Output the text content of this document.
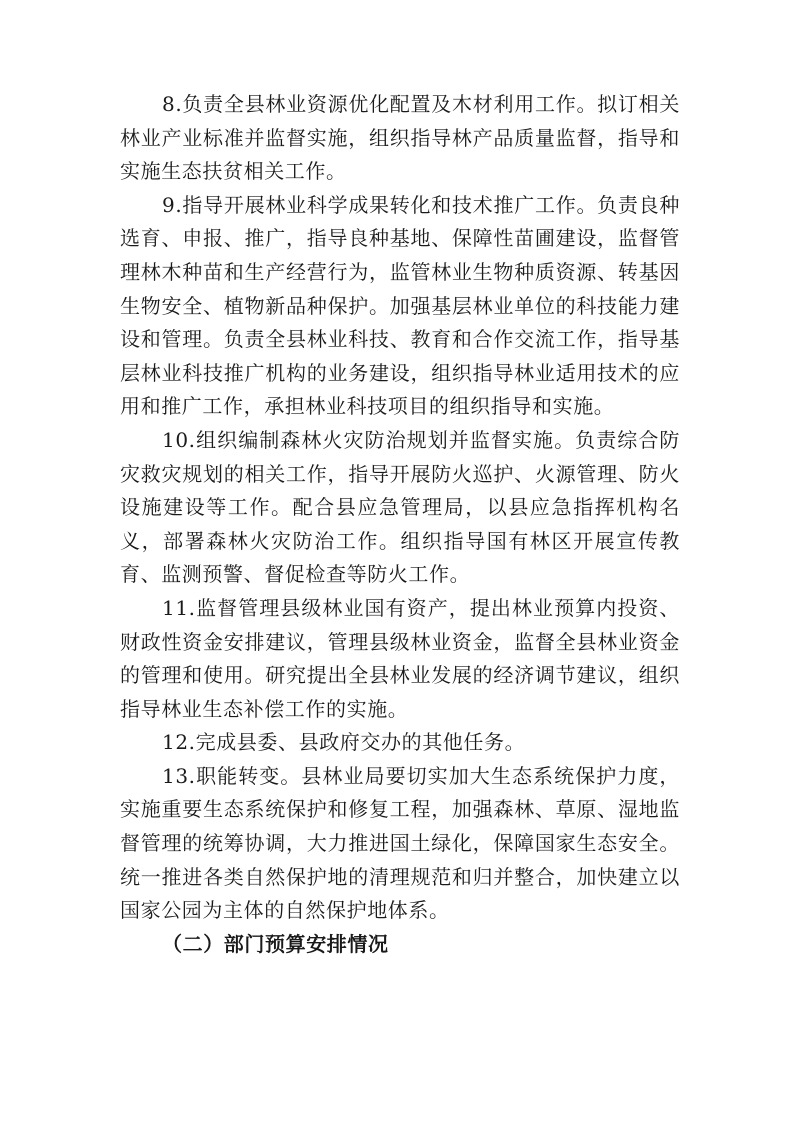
8.负责全县林业资源优化配置及木材利用工作。拟订相关林业产业标准并监督实施，组织指导林产品质量监督，指导和实施生态扶贫相关工作。

9.指导开展林业科学成果转化和技术推广工作。负责良种选育、申报、推广，指导良种基地、保障性苗圃建设，监督管理林木种苗和生产经营行为，监管林业生物种质资源、转基因生物安全、植物新品种保护。加强基层林业单位的科技能力建设和管理。负责全县林业科技、教育和合作交流工作，指导基层林业科技推广机构的业务建设，组织指导林业适用技术的应用和推广工作，承担林业科技项目的组织指导和实施。

10.组织编制森林火灾防治规划并监督实施。负责综合防灾救灾规划的相关工作，指导开展防火巡护、火源管理、防火设施建设等工作。配合县应急管理局，以县应急指挥机构名义，部署森林火灾防治工作。组织指导国有林区开展宣传教育、监测预警、督促检查等防火工作。

11.监督管理县级林业国有资产，提出林业预算内投资、财政性资金安排建议，管理县级林业资金，监督全县林业资金的管理和使用。研究提出全县林业发展的经济调节建议，组织指导林业生态补偿工作的实施。

12.完成县委、县政府交办的其他任务。

13.职能转变。县林业局要切实加大生态系统保护力度，实施重要生态系统保护和修复工程，加强森林、草原、湿地监督管理的统筹协调，大力推进国土绿化，保障国家生态安全。统一推进各类自然保护地的清理规范和归并整合，加快建立以国家公园为主体的自然保护地体系。

（二）部门预算安排情况
